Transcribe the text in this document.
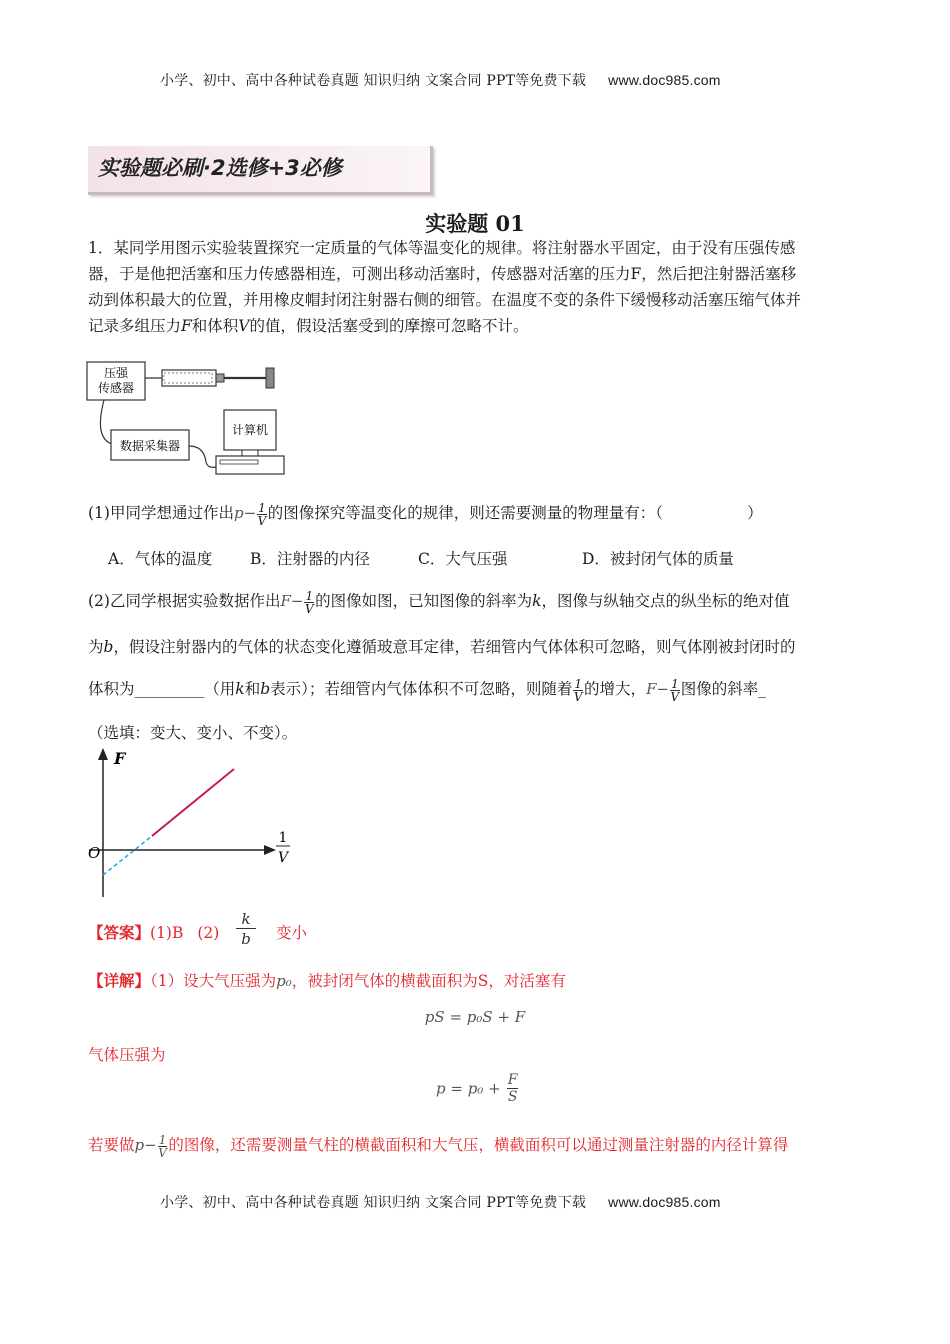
小学、初中、高中各种试卷真题 知识归纳 文案合同 PPT等免费下载 www.doc985.com
实验题必刷·2选修+3必修
实验题 01
1．某同学用图示实验装置探究一定质量的气体等温变化的规律。将注射器水平固定，由于没有压强传感
器，于是他把活塞和压力传感器相连，可测出移动活塞时，传感器对活塞的压力F，然后把注射器活塞移
动到体积最大的位置，并用橡皮帽封闭注射器右侧的细管。在温度不变的条件下缓慢移动活塞压缩气体并
记录多组压力F和体积V的值，假设活塞受到的摩擦可忽略不计。
压强
传感器
数据采集器
计算机
(1)甲同学想通过作出$p- \frac{1}{V}$ 的图像探究等温变化的规律，则还需要测量的物理量有：（	）
A．气体的温度 B．注射器的内径	C．大气压强	D．被封闭气体的质量
(2)乙同学根据实验数据作出$F- \frac{1}{V}$ 的图像如图，已知图像的斜率为k，图像与纵轴交点的纵坐标的绝对值
为b，假设注射器内的气体的状态变化遵循玻意耳定律，若细管内气体体积可忽略，则气体刚被封闭时的
体积为_________（用k和b表示）；若细管内气体体积不可忽略，则随着 $\frac{1}{V}$ 的增大，$F- \frac{1}{V}$ 图像的斜率_
（选填：变大、变小、不变）。
F
O
1
V
【答案】(1)B (2)
k
b	变小
【详解】（1）设大气压强为p₀，被封闭气体的横截面积为S，对活塞有
pS = p₀S + F
气体压强为
$p = p_0 + \frac{F}{S}$
若要做$p- \frac{1}{V}$ 的图像，还需要测量气柱的横截面积和大气压，横截面积可以通过测量注射器的内径计算得
小学、初中、高中各种试卷真题 知识归纳 文案合同 PPT等免费下载 www.doc985.com
